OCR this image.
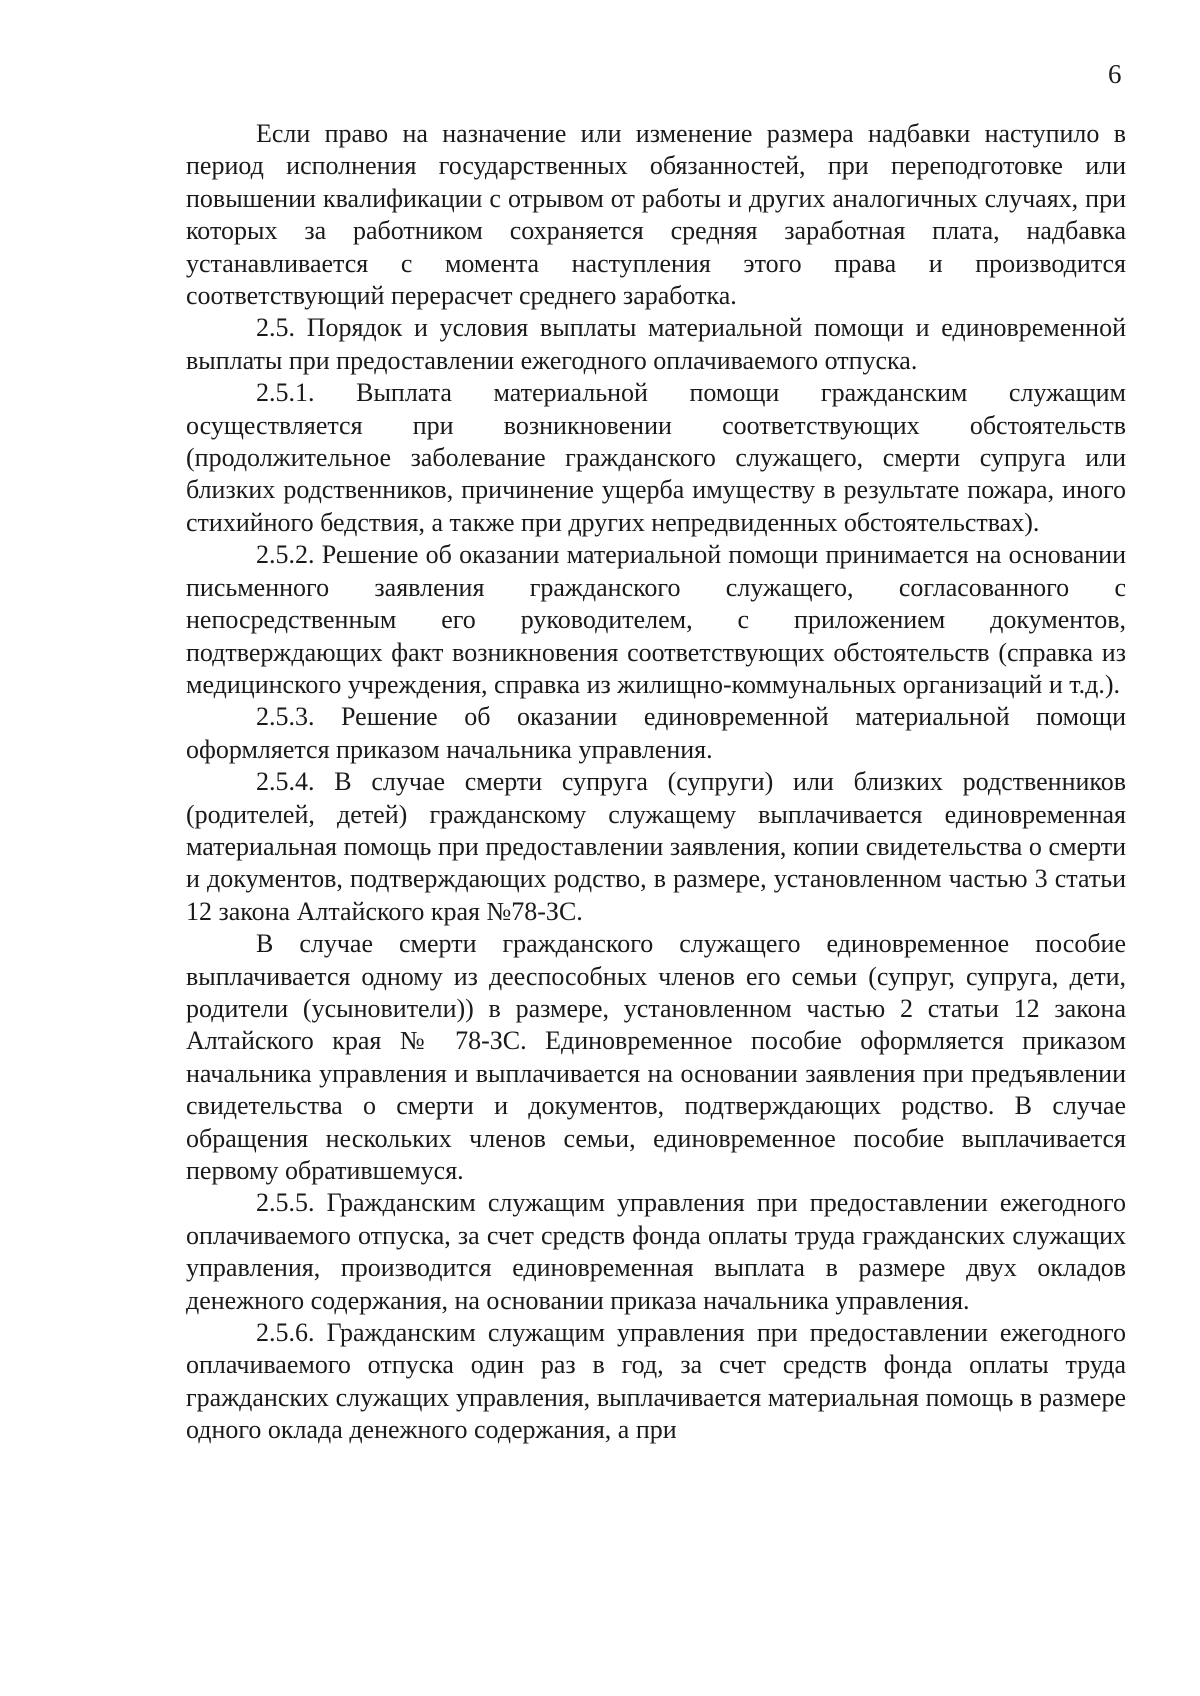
6

Если право на назначение или изменение размера надбавки наступило в период исполнения государственных обязанностей, при переподготовке или повышении квалификации с отрывом от работы и других аналогичных случаях, при которых за работником сохраняется средняя заработная плата, надбавка устанавливается с момента наступления этого права и производится соответствующий перерасчет среднего заработка.

2.5. Порядок и условия выплаты материальной помощи и единовременной выплаты при предоставлении ежегодного оплачиваемого отпуска.

2.5.1. Выплата материальной помощи гражданским служащим осуществляется при возникновении соответствующих обстоятельств (продолжительное заболевание гражданского служащего, смерти супруга или близких родственников, причинение ущерба имуществу в результате пожара, иного стихийного бедствия, а также при других непредвиденных обстоятельствах).

2.5.2. Решение об оказании материальной помощи принимается на основании письменного заявления гражданского служащего, согласованного с непосредственным его руководителем, с приложением документов, подтверждающих факт возникновения соответствующих обстоятельств (справка из медицинского учреждения, справка из жилищно-коммунальных организаций и т.д.).

2.5.3. Решение об оказании единовременной материальной помощи оформляется приказом начальника управления.

2.5.4. В случае смерти супруга (супруги) или близких родственников (родителей, детей) гражданскому служащему выплачивается единовременная материальная помощь при предоставлении заявления, копии свидетельства о смерти и документов, подтверждающих родство, в размере, установленном частью 3 статьи 12 закона Алтайского края №78-ЗС.

В случае смерти гражданского служащего единовременное пособие выплачивается одному из дееспособных членов его семьи (супруг, супруга, дети, родители (усыновители)) в размере, установленном частью 2 статьи 12 закона Алтайского края № 78-ЗС. Единовременное пособие оформляется приказом начальника управления и выплачивается на основании заявления при предъявлении свидетельства о смерти и документов, подтверждающих родство. В случае обращения нескольких членов семьи, единовременное пособие выплачивается первому обратившемуся.

2.5.5. Гражданским служащим управления при предоставлении ежегодного оплачиваемого отпуска, за счет средств фонда оплаты труда гражданских служащих управления, производится единовременная выплата в размере двух окладов денежного содержания, на основании приказа начальника управления.

2.5.6. Гражданским служащим управления при предоставлении ежегодного оплачиваемого отпуска один раз в год, за счет средств фонда оплаты труда гражданских служащих управления, выплачивается материальная помощь в размере одного оклада денежного содержания, а при
